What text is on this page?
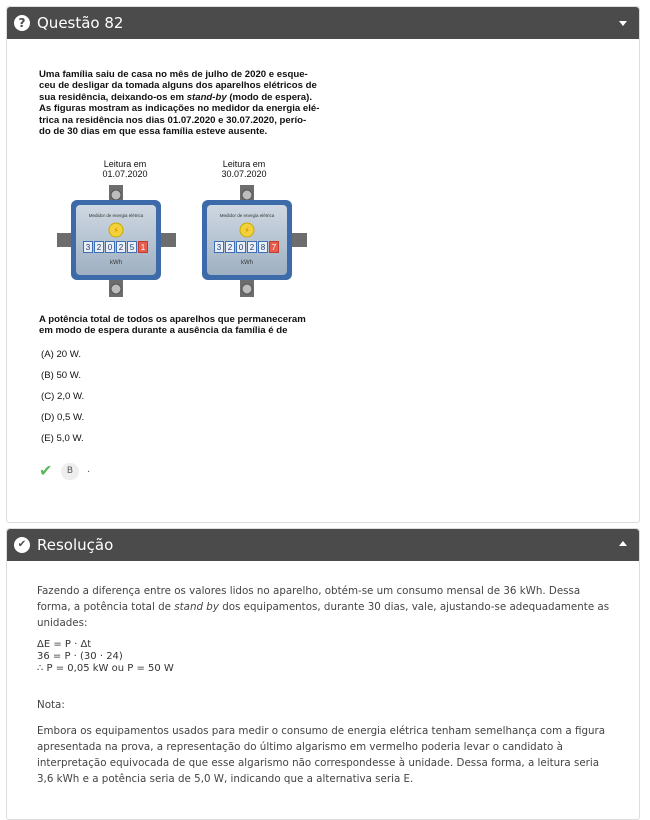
? Questão 82
Uma família saiu de casa no mês de julho de 2020 e esque-
ceu de desligar da tomada alguns dos aparelhos elétricos de
sua residência, deixando-os em stand-by (modo de espera).
As figuras mostram as indicações no medidor da energia elé-
trica na residência nos dias 01.07.2020 e 30.07.2020, perío-
do de 30 dias em que essa família esteve ausente.
Leitura em
01.07.2020
Leitura em
30.07.2020
Medidor de energia elétrica
⚡
3 2 0 2 5 1
kWh
Medidor de energia elétrica
⚡
3 2 0 2 8 7
kWh
A potência total de todos os aparelhos que permaneceram
em modo de espera durante a ausência da família é de
(A) 20 W.
(B) 50 W.
(C) 2,0 W.
(D) 0,5 W.
(E) 5,0 W.
✔	B	.
✔ Resolução
Fazendo a diferença entre os valores lidos no aparelho, obtém-se um consumo mensal de 36 kWh. Dessa
forma, a potência total de stand by dos equipamentos, durante 30 dias, vale, ajustando-se adequadamente as
unidades:
ΔE = P · Δt
36 = P · (30 · 24)
∴ P = 0,05 kW ou P = 50 W
Nota:
Embora os equipamentos usados para medir o consumo de energia elétrica tenham semelhança com a figura
apresentada na prova, a representação do último algarismo em vermelho poderia levar o candidato à
interpretação equivocada de que esse algarismo não correspondesse à unidade. Dessa forma, a leitura seria
3,6 kWh e a potência seria de 5,0 W, indicando que a alternativa seria E.
